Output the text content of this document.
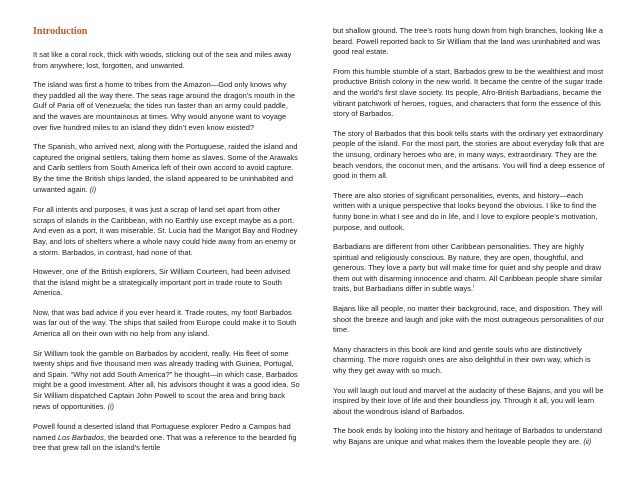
Introduction

It sat like a coral rock, thick with woods, sticking out of the sea and miles away from anywhere; lost, forgotten, and unwanted.

The island was first a home to tribes from the Amazon—God only knows why they paddled all the way there. The seas rage around the dragon’s mouth in the Gulf of Paria off of Venezuela; the tides run faster than an army could paddle, and the waves are mountainous at times. Why would anyone want to voyage over five hundred miles to an island they didn’t even know existed?

The Spanish, who arrived next, along with the Portuguese, raided the island and captured the original settlers, taking them home as slaves. Some of the Arawaks and Carib settlers from South America left of their own accord to avoid capture. By the time the British ships landed, the island appeared to be uninhabited and unwanted again. (i)

For all intents and purposes, it was just a scrap of land set apart from other scraps of islands in the Caribbean, with no Earthly use except maybe as a port. And even as a port, it was miserable. St. Lucia had the Marigot Bay and Rodney Bay, and lots of shelters where a whole navy could hide away from an enemy or a storm. Barbados, in contrast, had none of that.

However, one of the British explorers, Sir William Courteen, had been advised that the island might be a strategically important port in trade route to South America.

Now, that was bad advice if you ever heard it. Trade routes, my foot! Barbados was far out of the way. The ships that sailed from Europe could make it to South America all on their own with no help from any island.

Sir William took the gamble on Barbados by accident, really. His fleet of some twenty ships and five thousand men was already trading with Guinea, Portugal, and Spain. “Why not add South America?” he thought—in which case, Barbados might be a good investment. After all, his advisors thought it was a good idea. So Sir William dispatched Captain John Powell to scout the area and bring back news of opportunities. (i)

Powell found a deserted island that Portuguese explorer Pedro a Campos had named Los Barbados, the bearded one. That was a reference to the bearded fig tree that grew tall on the island’s fertile

but shallow ground. The tree’s roots hung down from high branches, looking like a beard. Powell reported back to Sir William that the land was uninhabited and was good real estate.

From this humble stumble of a start, Barbados grew to be the wealthiest and most productive British colony in the new world. It became the centre of the sugar trade and the world’s first slave society. Its people, Afro-British Barbadians, became the vibrant patchwork of heroes, rogues, and characters that form the essence of this story of Barbados.

The story of Barbados that this book tells starts with the ordinary yet extraordinary people of the island. For the most part, the stories are about everyday folk that are the unsung, ordinary heroes who are, in many ways, extraordinary. They are the beach vendors, the coconut men, and the artisans. You will find a deep essence of good in them all.

There are also stories of significant personalities, events, and history—each written with a unique perspective that looks beyond the obvious. I like to find the funny bone in what I see and do in life, and I love to explore people’s motivation, purpose, and outlook.

Barbadians are different from other Caribbean personalities. They are highly spiritual and religiously conscious. By nature, they are open, thoughtful, and generous. They love a party but will make time for quiet and shy people and draw them out with disarming innocence and charm. All Caribbean people share similar traits, but Barbadians differ in subtle ways.$^i$

Bajans like all people, no matter their background, race, and disposition. They will shoot the breeze and laugh and joke with the most outrageous personalities of our time.

Many characters in this book are kind and gentle souls who are distinctively charming. The more roguish ones are also delightful in their own way, which is why they get away with so much.

You will laugh out loud and marvel at the audacity of these Bajans, and you will be inspired by their love of life and their boundless joy. Through it all, you will learn about the wondrous island of Barbados.

The book ends by looking into the history and heritage of Barbados to understand why Bajans are unique and what makes them the loveable people they are. (ii)
